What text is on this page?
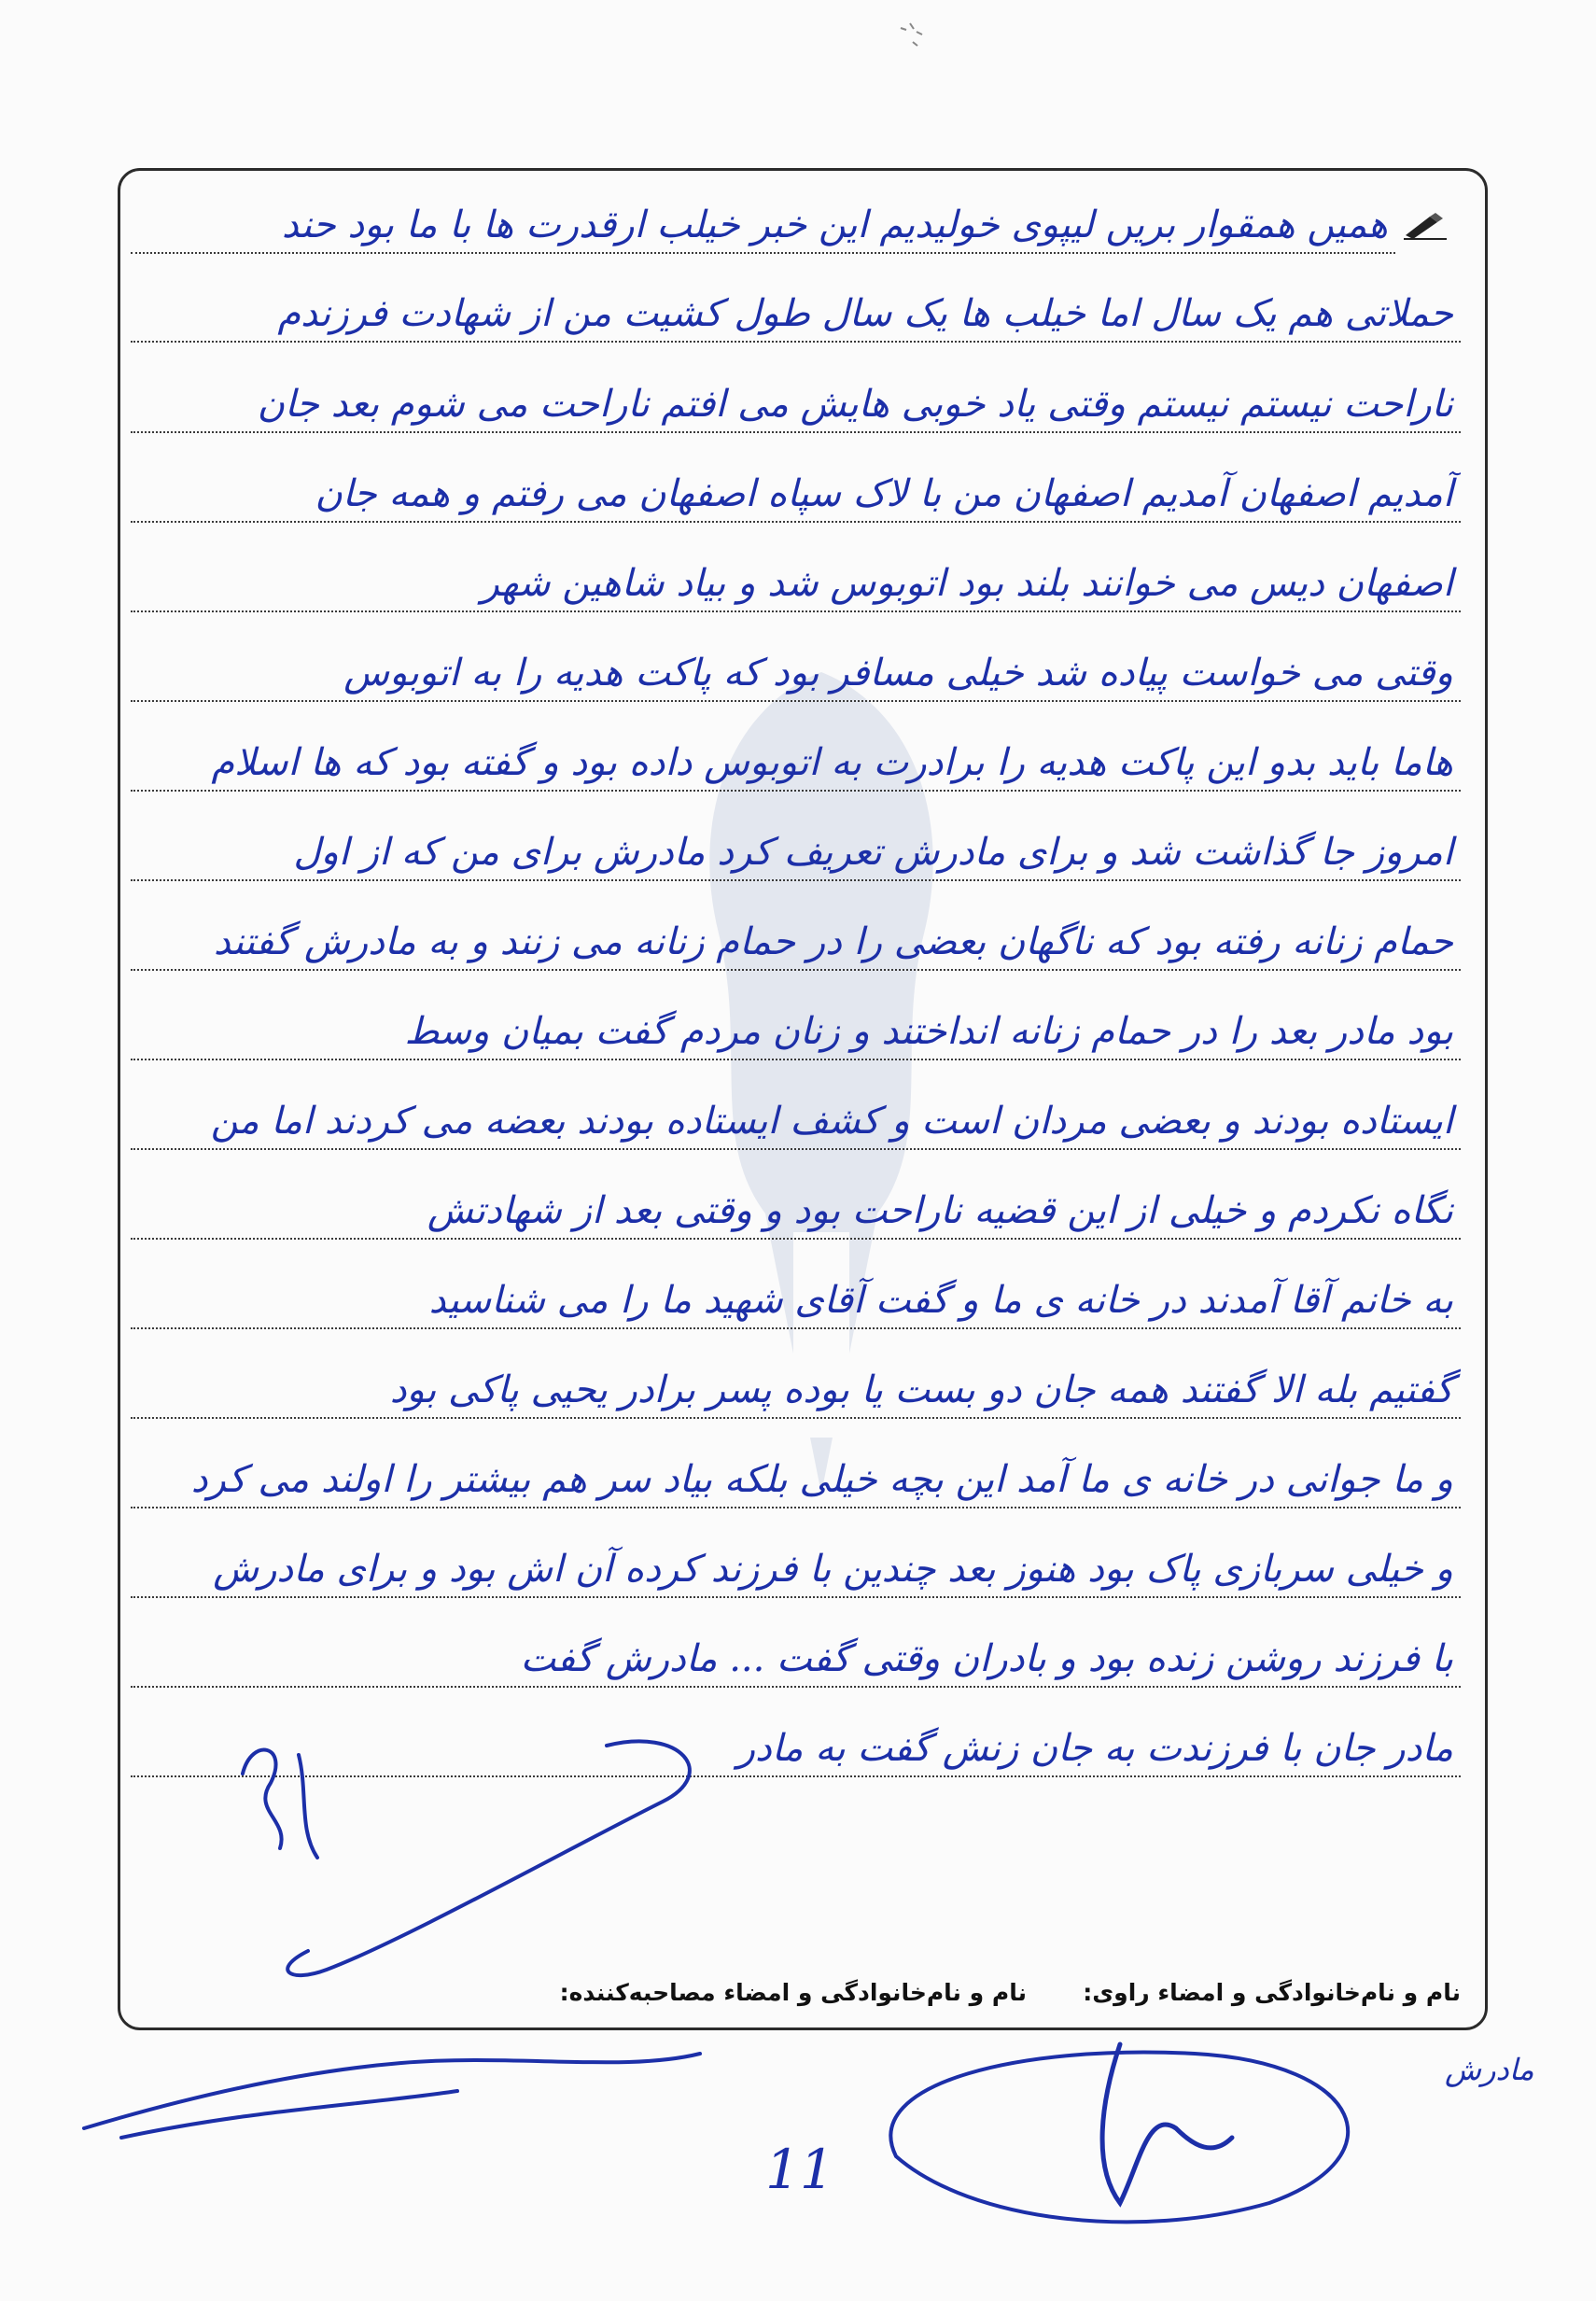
همیں همقوار بریں لیپوی خولیدیم این خبر خیلب ارقدرت ها با ما بود حند
حملاتی هم یک سال اما خیلب ها یک سال طول کشیت من از شهادت فرزندم
ناراحت نیستم نیستم وقتی یاد خوبی هایش می افتم ناراحت می شوم بعد جان
آمدیم اصفهان آمدیم اصفهان من با لاک سپاه اصفهان می رفتم و همه جان
اصفهان دیس می خوانند بلند بود اتوبوس شد و بیاد شاهین شهر
وقتی می خواست پیاده شد خیلی مسافر بود که پاکت هدیه را به اتوبوس
هاما باید بدو این پاکت هدیه را برادرت به اتوبوس داده بود و گفته بود که ها اسلام
امروز جا گذاشت شد و برای مادرش تعریف کرد مادرش برای من که از اول
حمام زنانه رفته بود که ناگهان بعضی را در حمام زنانه می زنند و به مادرش گفتند
بود مادر بعد را در حمام زنانه انداختند و زنان مردم گفت بمیان وسط
ایستاده بودند و بعضی مردان است و کشف ایستاده بودند بعضه می کردند اما من
نگاه نکردم و خیلی از این قضیه ناراحت بود و وقتی بعد از شهادتش
به خانم آقا آمدند در خانه ی ما و گفت آقای شهید ما را می شناسید
گفتیم بله الا گفتند همه جان دو بست یا بوده پسر برادر یحیی پاکی بود
و ما جوانی در خانه ی ما آمد این بچه خیلی بلکه بیاد سر هم بیشتر را اولند می کرد
و خیلی سربازی پاک بود هنوز بعد چندین با فرزند کرده آن اش بود و برای مادرش
با فرزند روشن زنده بود و بادران وقتی گفت ... مادرش گفت
مادر جان با فرزندت به جان زنش گفت به مادر
نام و نام‌خانوادگی و امضاء مصاحبه‌کننده: نام و نام‌خانوادگی و امضاء راوی:
مادرش
11
